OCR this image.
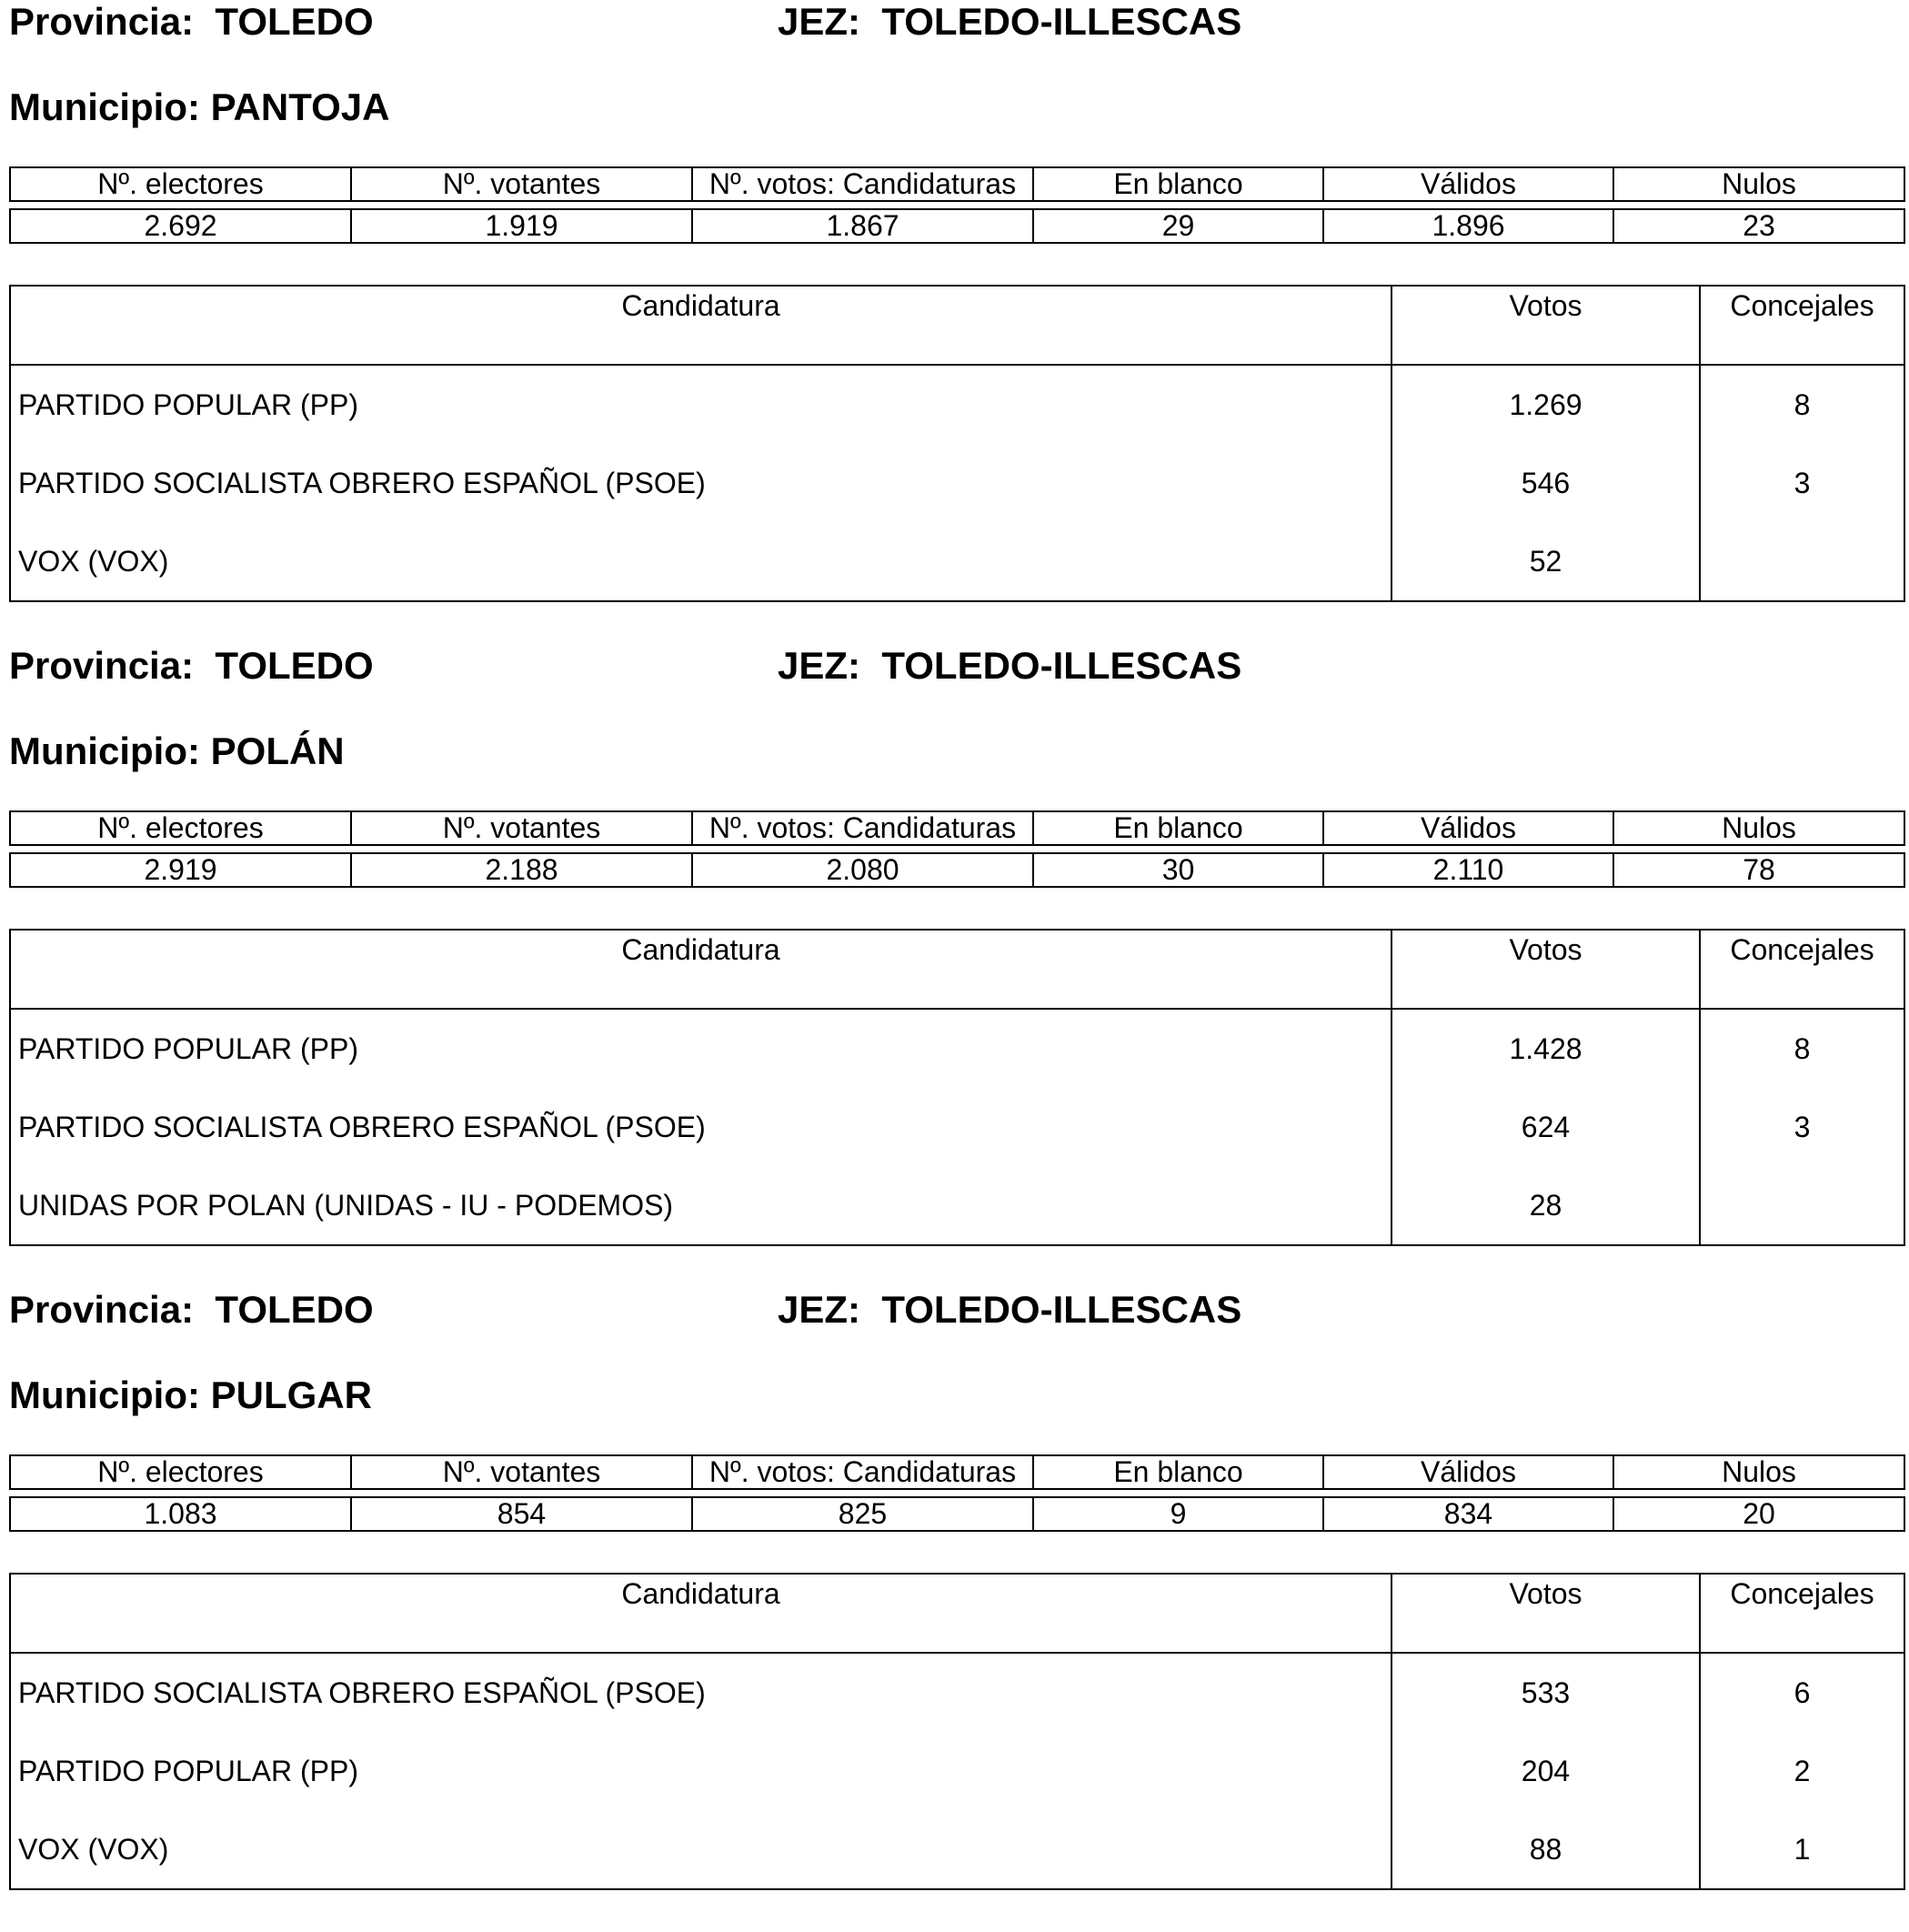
Provincia: TOLEDO	JEZ: TOLEDO-ILLESCAS
Municipio: PANTOJA
Nº. electores	Nº. votantes	Nº. votos: Candidaturas	En blanco	Válidos	Nulos

2.692	1.919	1.867	29	1.896	23
Candidatura	Votos	Concejales
PARTIDO POPULAR (PP)	1.269	8
PARTIDO SOCIALISTA OBRERO ESPAÑOL (PSOE)	546	3
VOX (VOX)	52	
Provincia: TOLEDO	JEZ: TOLEDO-ILLESCAS
Municipio: POLÁN
Nº. electores	Nº. votantes	Nº. votos: Candidaturas	En blanco	Válidos	Nulos

2.919	2.188	2.080	30	2.110	78
Candidatura	Votos	Concejales
PARTIDO POPULAR (PP)	1.428	8
PARTIDO SOCIALISTA OBRERO ESPAÑOL (PSOE)	624	3
UNIDAS POR POLAN (UNIDAS - IU - PODEMOS)	28	
Provincia: TOLEDO	JEZ: TOLEDO-ILLESCAS
Municipio: PULGAR
Nº. electores	Nº. votantes	Nº. votos: Candidaturas	En blanco	Válidos	Nulos

1.083	854	825	9	834	20
Candidatura	Votos	Concejales
PARTIDO SOCIALISTA OBRERO ESPAÑOL (PSOE)	533	6
PARTIDO POPULAR (PP)	204	2
VOX (VOX)	88	1
